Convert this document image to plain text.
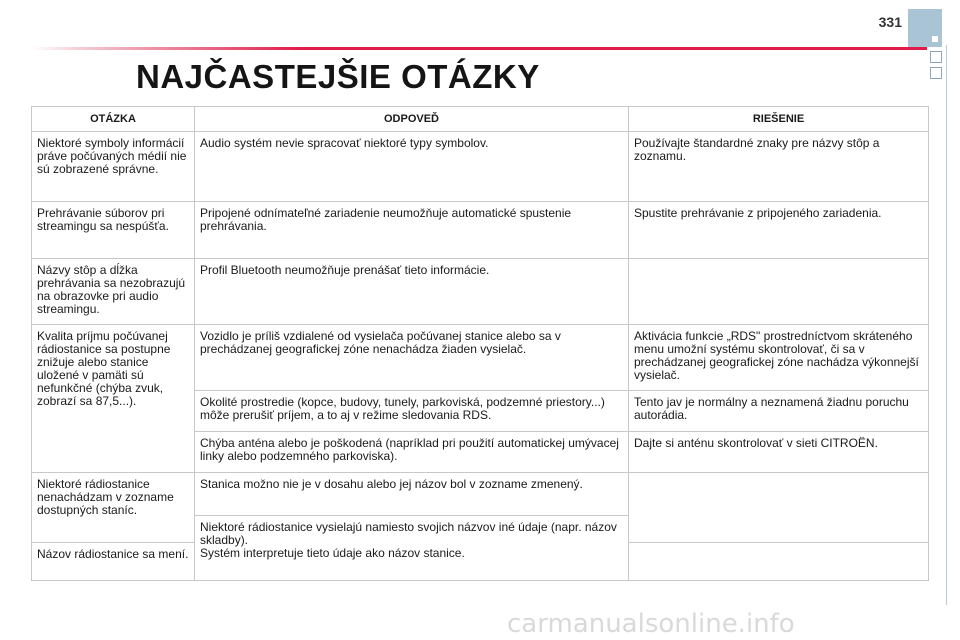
331
NAJČASTEJŠIE OTÁZKY
OTÁZKA	ODPOVEĎ	RIEŠENIE

Niektoré symboly informácií práve počúvaných médií nie sú zobrazené správne.	Audio systém nevie spracovať niektoré typy symbolov.	Používajte štandardné znaky pre názvy stôp a zoznamu.

Prehrávanie súborov pri streamingu sa nespúšťa.	Pripojené odnímateľné zariadenie neumožňuje automatické spustenie prehrávania.	Spustite prehrávanie z pripojeného zariadenia.

Názvy stôp a dĺžka prehrávania sa nezobrazujú na obrazovke pri audio streamingu.	Profil Bluetooth neumožňuje prenášať tieto informácie.	

Kvalita príjmu počúvanej rádiostanice sa postupne znižuje alebo stanice uložené v pamäti sú nefunkčné (chýba zvuk, zobrazí sa 87,5...).	Vozidlo je príliš vzdialené od vysielača počúvanej stanice alebo sa v prechádzanej geografickej zóne nenachádza žiaden vysielač.	Aktivácia funkcie „RDS" prostredníctvom skráteného menu umožní systému skontrolovať, či sa v prechádzanej geografickej zóne nachádza výkonnejší vysielač.

	Okolité prostredie (kopce, budovy, tunely, parkoviská, podzemné priestory...) môže prerušiť príjem, a to aj v režime sledovania RDS.	Tento jav je normálny a neznamená žiadnu poruchu autorádia.

	Chýba anténa alebo je poškodená (napríklad pri použití automatickej umývacej linky alebo podzemného parkoviska).	Dajte si anténu skontrolovať v sieti CITROËN.

Niektoré rádiostanice nenachádzam v zozname dostupných staníc.	Stanica možno nie je v dosahu alebo jej názov bol v zozname zmenený.	

	Niektoré rádiostanice vysielajú namiesto svojich názvov iné údaje (napr. názov skladby).
Systém interpretuje tieto údaje ako názov stanice.	

Názov rádiostanice sa mení.		

carmanualsonline.info
